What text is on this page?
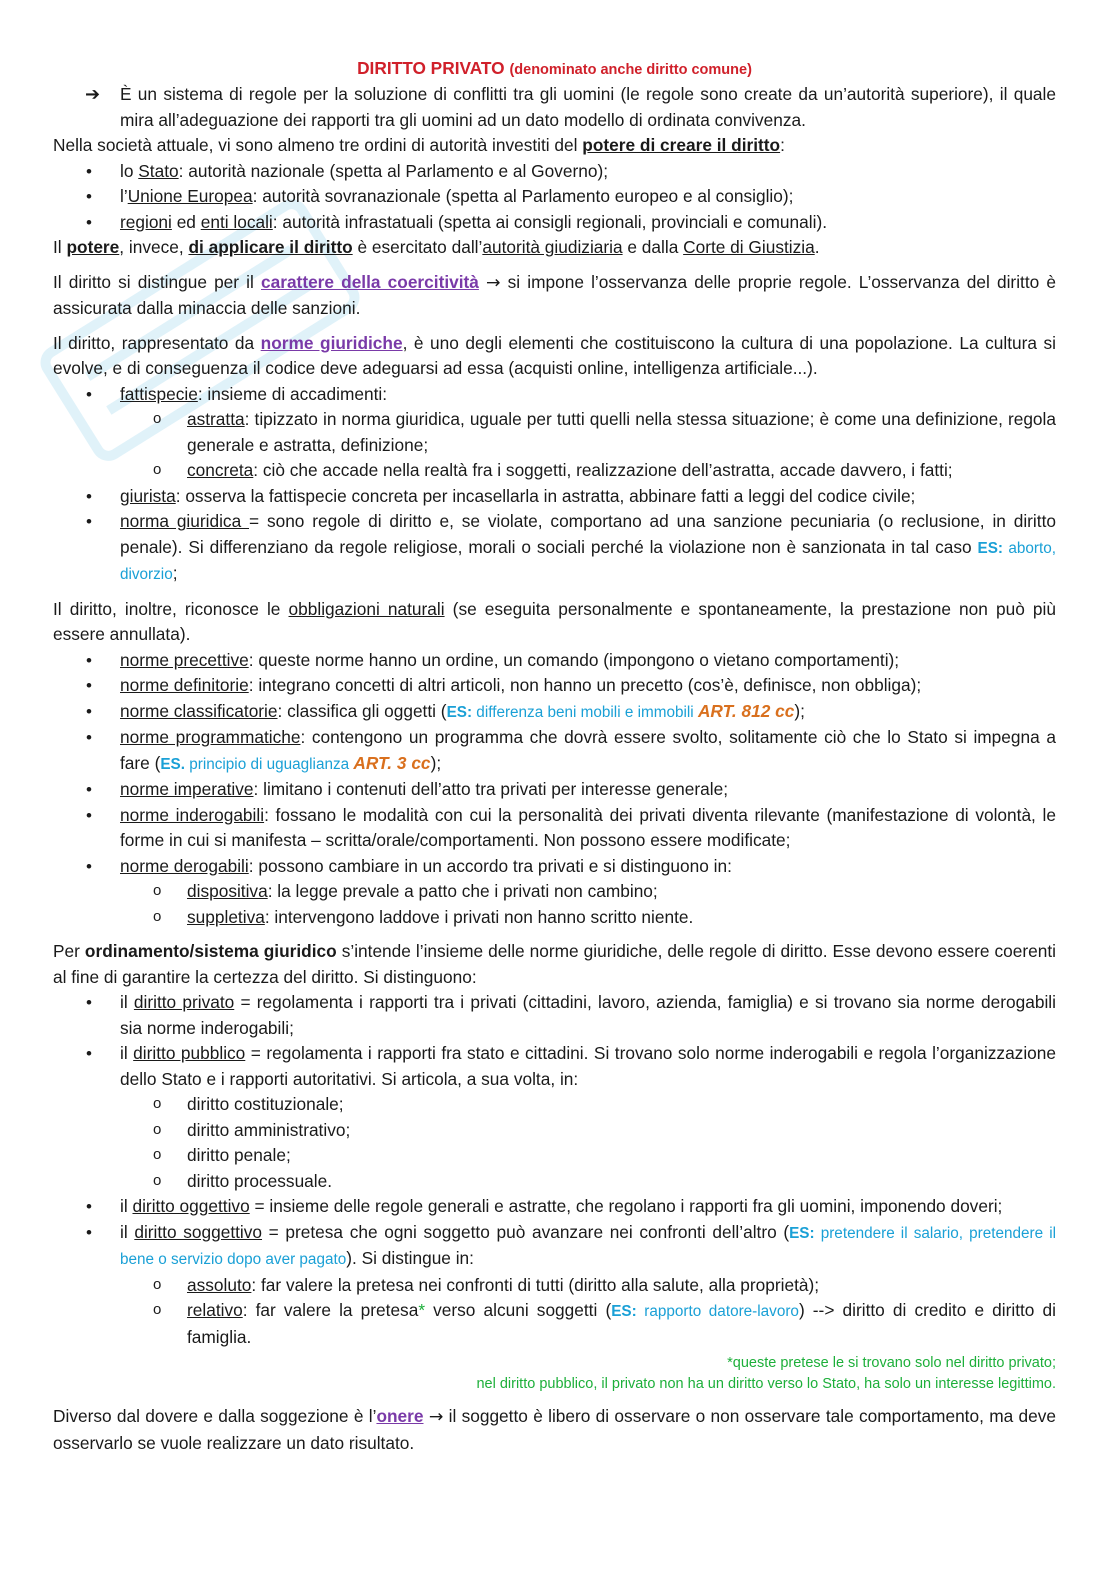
DIRITTO PRIVATO (denominato anche diritto comune)

➔ È un sistema di regole per la soluzione di conflitti tra gli uomini (le regole sono create da un’autorità superiore), il quale mira all’adeguazione dei rapporti tra gli uomini ad un dato modello di ordinata convivenza.

Nella società attuale, vi sono almeno tre ordini di autorità investiti del potere di creare il diritto:

• lo Stato: autorità nazionale (spetta al Parlamento e al Governo);
• l’Unione Europea: autorità sovranazionale (spetta al Parlamento europeo e al consiglio);
• regioni ed enti locali: autorità infrastatuali (spetta ai consigli regionali, provinciali e comunali).

Il potere, invece, di applicare il diritto è esercitato dall’autorità giudiziaria e dalla Corte di Giustizia.

Il diritto si distingue per il carattere della coercitività → si impone l’osservanza delle proprie regole. L’osservanza del diritto è assicurata dalla minaccia delle sanzioni.

Il diritto, rappresentato da norme giuridiche, è uno degli elementi che costituiscono la cultura di una popolazione. La cultura si evolve, e di conseguenza il codice deve adeguarsi ad essa (acquisti online, intelligenza artificiale...).

• fattispecie: insieme di accadimenti:
o astratta: tipizzato in norma giuridica, uguale per tutti quelli nella stessa situazione; è come una definizione, regola generale e astratta, definizione;
o concreta: ciò che accade nella realtà fra i soggetti, realizzazione dell’astratta, accade davvero, i fatti;
• giurista: osserva la fattispecie concreta per incasellarla in astratta, abbinare fatti a leggi del codice civile;
• norma giuridica = sono regole di diritto e, se violate, comportano ad una sanzione pecuniaria (o reclusione, in diritto penale). Si differenziano da regole religiose, morali o sociali perché la violazione non è sanzionata in tal caso ES: aborto, divorzio;

Il diritto, inoltre, riconosce le obbligazioni naturali (se eseguita personalmente e spontaneamente, la prestazione non può più essere annullata).

• norme precettive: queste norme hanno un ordine, un comando (impongono o vietano comportamenti);
• norme definitorie: integrano concetti di altri articoli, non hanno un precetto (cos’è, definisce, non obbliga);
• norme classificatorie: classifica gli oggetti (ES: differenza beni mobili e immobili ART. 812 cc);
• norme programmatiche: contengono un programma che dovrà essere svolto, solitamente ciò che lo Stato si impegna a fare (ES. principio di uguaglianza ART. 3 cc);
• norme imperative: limitano i contenuti dell’atto tra privati per interesse generale;
• norme inderogabili: fossano le modalità con cui la personalità dei privati diventa rilevante (manifestazione di volontà, le forme in cui si manifesta – scritta/orale/comportamenti. Non possono essere modificate;
• norme derogabili: possono cambiare in un accordo tra privati e si distinguono in:
o dispositiva: la legge prevale a patto che i privati non cambino;
o suppletiva: intervengono laddove i privati non hanno scritto niente.

Per ordinamento/sistema giuridico s’intende l’insieme delle norme giuridiche, delle regole di diritto. Esse devono essere coerenti al fine di garantire la certezza del diritto. Si distinguono:

• il diritto privato = regolamenta i rapporti tra i privati (cittadini, lavoro, azienda, famiglia) e si trovano sia norme derogabili sia norme inderogabili;
• il diritto pubblico = regolamenta i rapporti fra stato e cittadini. Si trovano solo norme inderogabili e regola l’organizzazione dello Stato e i rapporti autoritativi. Si articola, a sua volta, in:
o diritto costituzionale;
o diritto amministrativo;
o diritto penale;
o diritto processuale.
• il diritto oggettivo = insieme delle regole generali e astratte, che regolano i rapporti fra gli uomini, imponendo doveri;
• il diritto soggettivo = pretesa che ogni soggetto può avanzare nei confronti dell’altro (ES: pretendere il salario, pretendere il bene o servizio dopo aver pagato). Si distingue in:
o assoluto: far valere la pretesa nei confronti di tutti (diritto alla salute, alla proprietà);
o relativo: far valere la pretesa* verso alcuni soggetti (ES: rapporto datore-lavoro) --> diritto di credito e diritto di famiglia.
*queste pretese le si trovano solo nel diritto privato;
nel diritto pubblico, il privato non ha un diritto verso lo Stato, ha solo un interesse legittimo.

Diverso dal dovere e dalla soggezione è l’onere → il soggetto è libero di osservare o non osservare tale comportamento, ma deve osservarlo se vuole realizzare un dato risultato.
